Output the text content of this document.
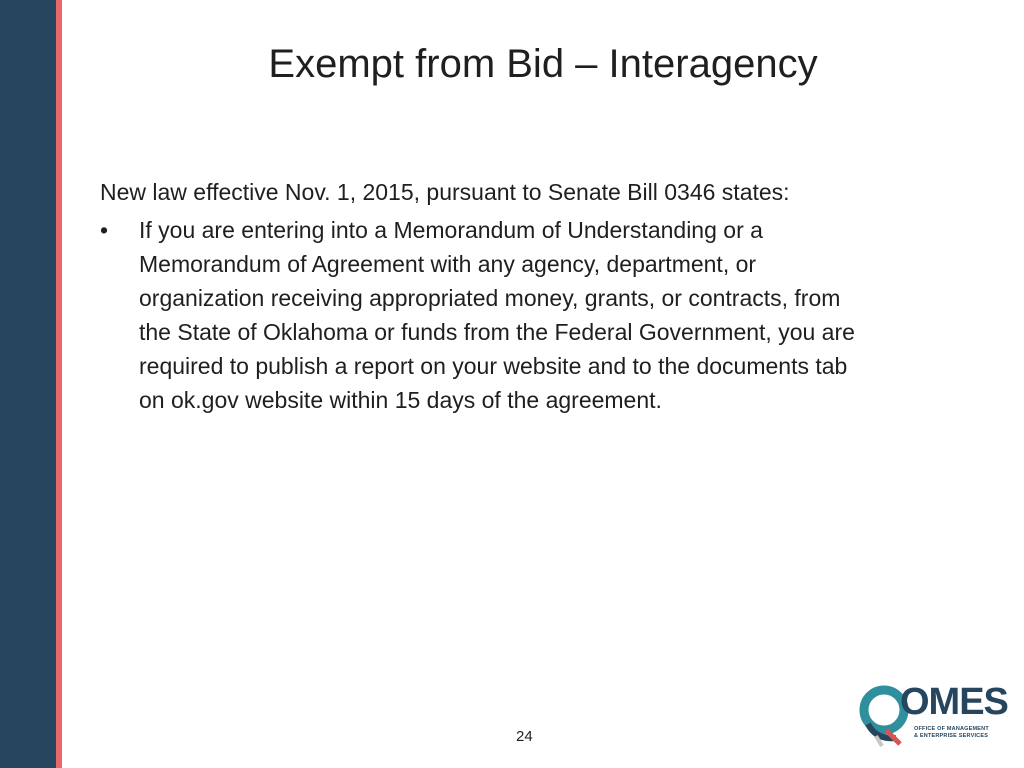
Exempt from Bid – Interagency

New law effective Nov. 1, 2015, pursuant to Senate Bill 0346 states:

•	If you are entering into a Memorandum of Understanding or a Memorandum of Agreement with any agency, department, or organization receiving appropriated money, grants, or contracts, from the State of Oklahoma or funds from the Federal Government, you are required to publish a report on your website and to the documents tab on ok.gov website within 15 days of the agreement.
24
OMES
OFFICE OF MANAGEMENT
& ENTERPRISE SERVICES
